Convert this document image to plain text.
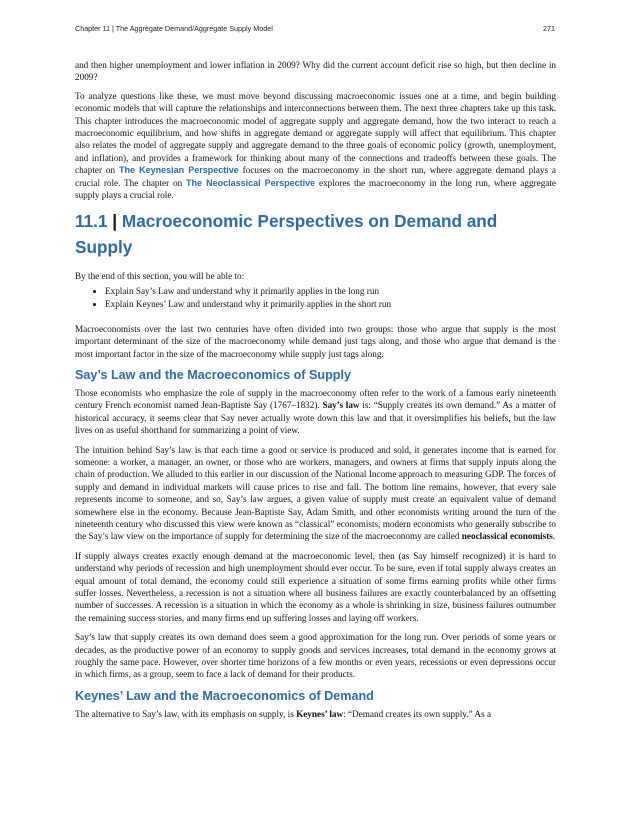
Chapter 11 | The Aggregate Demand/Aggregate Supply Model	271

and then higher unemployment and lower inflation in 2009? Why did the current account deficit rise so high, but then decline in 2009?

To analyze questions like these, we must move beyond discussing macroeconomic issues one at a time, and begin building economic models that will capture the relationships and interconnections between them. The next three chapters take up this task. This chapter introduces the macroeconomic model of aggregate supply and aggregate demand, how the two interact to reach a macroeconomic equilibrium, and how shifts in aggregate demand or aggregate supply will affect that equilibrium. This chapter also relates the model of aggregate supply and aggregate demand to the three goals of economic policy (growth, unemployment, and inflation), and provides a framework for thinking about many of the connections and tradeoffs between these goals. The chapter on The Keynesian Perspective focuses on the macroeconomy in the short run, where aggregate demand plays a crucial role. The chapter on The Neoclassical Perspective explores the macroeconomy in the long run, where aggregate supply plays a crucial role.

11.1 | Macroeconomic Perspectives on Demand and Supply
By the end of this section, you will be able to:
• Explain Say’s Law and understand why it primarily applies in the long run
• Explain Keynes’ Law and understand why it primarily applies in the short run

Macroeconomists over the last two centuries have often divided into two groups: those who argue that supply is the most important determinant of the size of the macroeconomy while demand just tags along, and those who argue that demand is the most important factor in the size of the macroeconomy while supply just tags along.

Say’s Law and the Macroeconomics of Supply

Those economists who emphasize the role of supply in the macroeconomy often refer to the work of a famous early nineteenth century French economist named Jean-Baptiste Say (1767–1832). Say’s law is: “Supply creates its own demand.” As a matter of historical accuracy, it seems clear that Say never actually wrote down this law and that it oversimplifies his beliefs, but the law lives on as useful shorthand for summarizing a point of view.

The intuition behind Say’s law is that each time a good or service is produced and sold, it generates income that is earned for someone: a worker, a manager, an owner, or those who are workers, managers, and owners at firms that supply inputs along the chain of production. We alluded to this earlier in our discussion of the National Income approach to measuring GDP. The forces of supply and demand in individual markets will cause prices to rise and fall. The bottom line remains, however, that every sale represents income to someone, and so, Say’s law argues, a given value of supply must create an equivalent value of demand somewhere else in the economy. Because Jean-Baptiste Say, Adam Smith, and other economists writing around the turn of the nineteenth century who discussed this view were known as “classical” economists, modern economists who generally subscribe to the Say’s law view on the importance of supply for determining the size of the macroeconomy are called neoclassical economists.

If supply always creates exactly enough demand at the macroeconomic level, then (as Say himself recognized) it is hard to understand why periods of recession and high unemployment should ever occur. To be sure, even if total supply always creates an equal amount of total demand, the economy could still experience a situation of some firms earning profits while other firms suffer losses. Nevertheless, a recession is not a situation where all business failures are exactly counterbalanced by an offsetting number of successes. A recession is a situation in which the economy as a whole is shrinking in size, business failures outnumber the remaining success stories, and many firms end up suffering losses and laying off workers.

Say’s law that supply creates its own demand does seem a good approximation for the long run. Over periods of some years or decades, as the productive power of an economy to supply goods and services increases, total demand in the economy grows at roughly the same pace. However, over shorter time horizons of a few months or even years, recessions or even depressions occur in which firms, as a group, seem to face a lack of demand for their products.

Keynes’ Law and the Macroeconomics of Demand

The alternative to Say’s law, with its emphasis on supply, is Keynes’ law: “Demand creates its own supply.” As a
